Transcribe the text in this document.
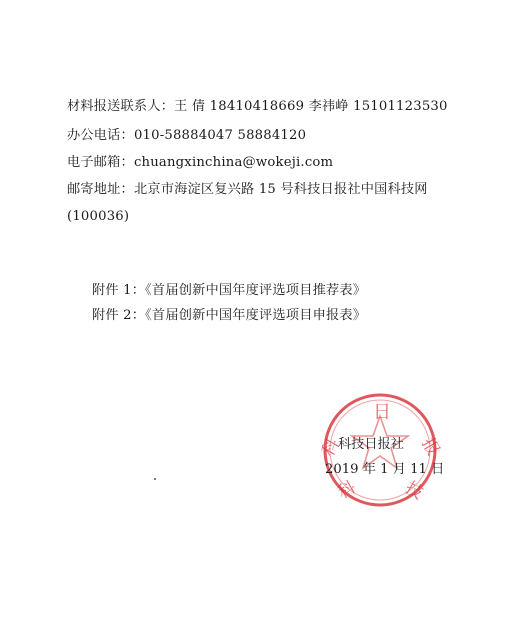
材料报送联系人：王 倩 18410418669 李祎峥 15101123530
办公电话：010-58884047 58884120
电子邮箱：chuangxinchina@wokeji.com
邮寄地址：北京市海淀区复兴路 15 号科技日报社中国科技网
(100036)
附件 1：《首届创新中国年度评选项目推荐表》
附件 2：《首届创新中国年度评选项目申报表》
日
科	报
科 技
科技日报社
2019 年 1 月 11 日
